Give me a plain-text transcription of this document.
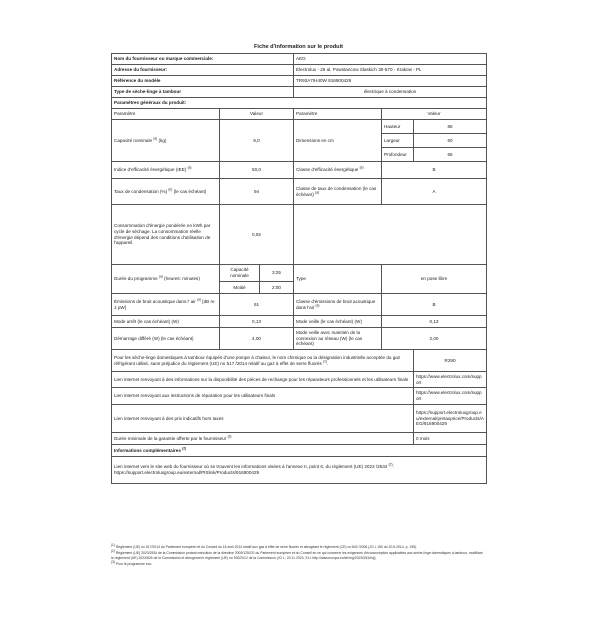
Fiche d'information sur le produit
Nom du fournisseur ou marque commerciale:			AEG		
Adresse du fournisseur:			Electrolux - 26 al. Powstancow Slaskich 30-570 - Krakow - PL		
Référence du modèle			TR93A7IH40W 916900429		
Type de sèche-linge à tambour			électrique à condensation		
Paramètres généraux du produit:					
Paramètre	Valeur		Paramètre	Valeur	
Capacité nominale $^{(a)}$ (kg)	9,0		Dimensions en cm	Hauteur	85
				Largeur	60
				Profondeur	66
Indice d'efficacité énergétique (IEE) $^{(a)}$	50,0		Classe d'efficacité énergétique $^{(a)}$	B	
Taux de condensation (%) $^{(b)}$ (le cas échéant)	94		Classe de taux de condensation (le cas échéant) $^{(a)}$	A	
Consommation d'énergie pondérée en kWh par cycle de séchage. La consommation réelle d'énergie dépend des conditions d'utilisation de l'appareil.	0,92				
Durée du programme $^{(a)}$ (heures: minutes)	Capacité nominale	3:25	Type	en pose libre	
	Moitié	2:00			
Émissions de bruit acoustique dans l' air $^{(a)}$ [dB re 1 pW]	61		Classe d'émissions de bruit acoustique dans l'air $^{(a)}$	B	
Mode arrêt (le cas échéant) (W)	0,13		Mode veille (le cas échéant) (W)	0,13	
Démarrage différé (W) (le cas échéant)	4,00		Mode veille avec maintien de la connexion au réseau (W) (le cas échéant)	2,00	
Pour les sèche-linge domestiques à tambour équipés d'une pompe à chaleur, le nom chimique ou la désignation industrielle acceptée du gaz réfrigérant utilisé, sans préjudice du règlement (UE) no 517 /2014 relatif au gaz à effet de serre fluorés $^{(1)}$.					R290
Lien internet renvoyant à des informations sur la disponibilité des pièces de rechange pour les réparateurs professionnels et les utilisateurs finals					https://www.electrolux.com/support
Lien internet renvoyant aux instructions de réparation pour les utilisateurs finals					https://www.electrolux.com/support
Lien internet renvoyant à des prix indicatifs hors taxes					https://support.electroluxgroup.eu/external/pretaxprice/Products/AEG/916900429
Durée minimale de la garantie offerte par le fournisseur $^{(3)}$					0 mois
Informations complémentaires $^{(2)}$
Lien internet vers le site web du fournisseur où se trouvent les informations visées à l'annexe II, point 6, du règlement (UE) 2023 /2534 $^{(2)}$: https://support.electroluxgroup.eu/external/PISlink/Products/916900429					
$^{(1)}$ Règlement (UE) no 517/2014 du Parlement européen et du Conseil du 16 avril 2014 relatif aux gaz à effet de serre fluorés et abrogeant le règlement (CE) no 842 /2006 (JO L 150 du 20.5.2014, p. 195).
$^{(2)}$ Règlement (UE) 2023/2534 de la Commission portant exécution de la directive 2009/125/CE du Parlement européen et du Conseil en ce qui concerne les exigences d'écoconception applicables aux sèche-linge domestiques à tambour, modifiant le règlement (UE) 2023/826 de la Commission et abrogeant le règlement (UE) no 932/2012 de la Commission (JO L, 20.11.2023, ELI: http://data.europa.eu/eli/reg/2023/2534/oj).
$^{(3)}$ Pour le programme eco.
